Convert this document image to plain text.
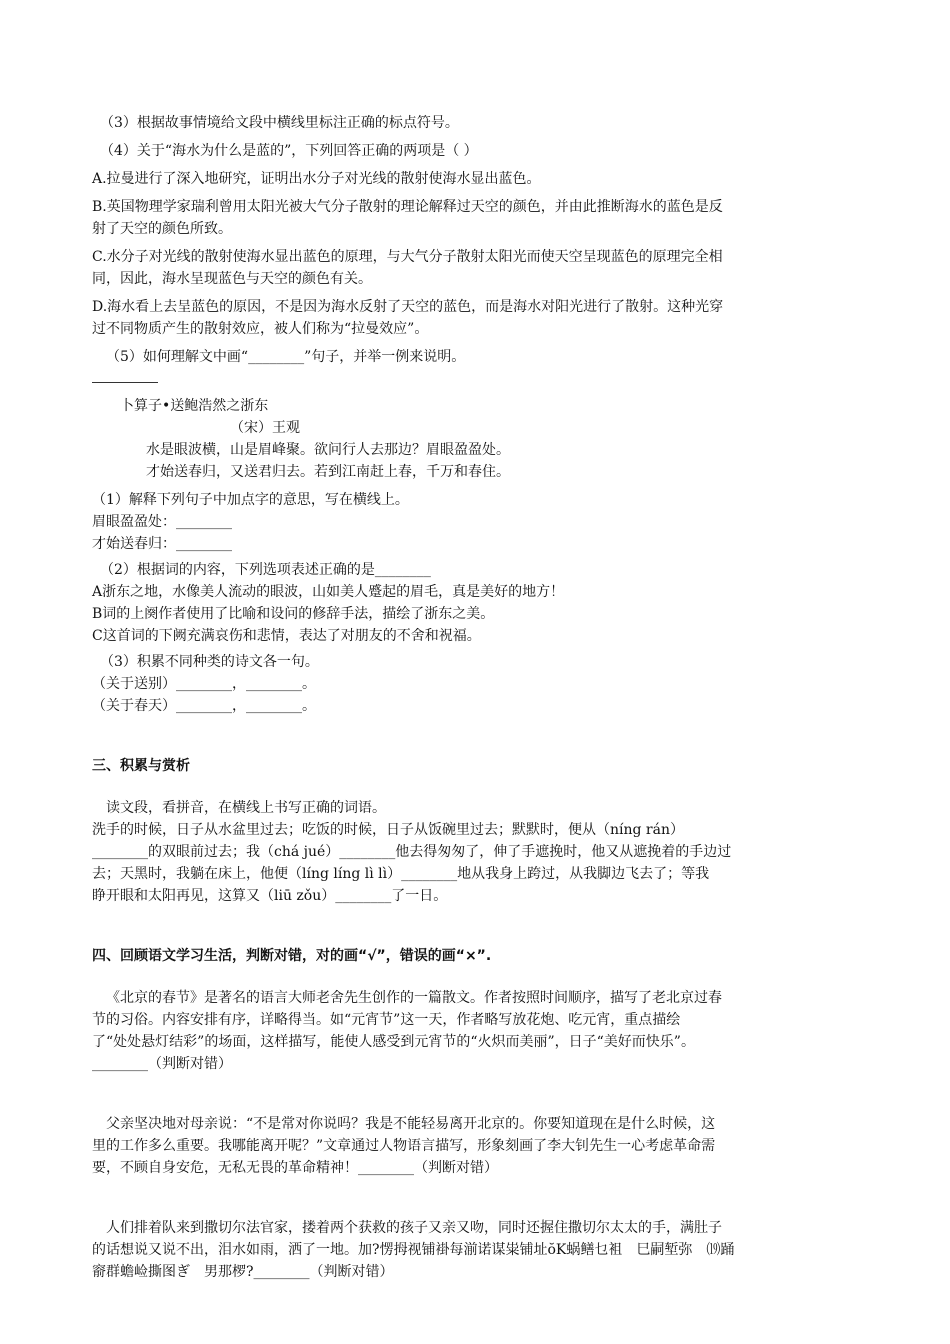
（3）根据故事情境给文段中横线里标注正确的标点符号。

（4）关于“海水为什么是蓝的”，下列回答正确的两项是（ ）

A.拉曼进行了深入地研究，证明出水分子对光线的散射使海水显出蓝色。

B.英国物理学家瑞利曾用太阳光被大气分子散射的理论解释过天空的颜色，并由此推断海水的蓝色是反

射了天空的颜色所致。

C.水分子对光线的散射使海水显出蓝色的原理，与大气分子散射太阳光而使天空呈现蓝色的原理完全相

同，因此，海水呈现蓝色与天空的颜色有关。

D.海水看上去呈蓝色的原因，不是因为海水反射了天空的蓝色，而是海水对阳光进行了散射。这种光穿

过不同物质产生的散射效应，被人们称为“拉曼效应”。

（5）如何理解文中画“________”句子，并举一例来说明。

卜算子•送鲍浩然之浙东

（宋）王观

水是眼波横，山是眉峰聚。欲问行人去那边？眉眼盈盈处。

才始送春归，又送君归去。若到江南赶上春，千万和春住。

（1）解释下列句子中加点字的意思，写在横线上。

眉眼盈盈处：________

才始送春归：________

（2）根据词的内容，下列选项表述正确的是________

A浙东之地，水像美人流动的眼波，山如美人蹙起的眉毛，真是美好的地方！

B词的上阕作者使用了比喻和设问的修辞手法，描绘了浙东之美。

C这首词的下阙充满哀伤和悲情，表达了对朋友的不舍和祝福。

（3）积累不同种类的诗文各一句。

（关于送别）________，________。

（关于春天）________，________。

三、积累与赏析

读文段，看拼音，在横线上书写正确的词语。

洗手的时候，日子从水盆里过去；吃饭的时候，日子从饭碗里过去；默默时，便从（níng rán）

________的双眼前过去；我（chá jué）________他去得匆匆了，伸了手遮挽时，他又从遮挽着的手边过

去；天黑时，我躺在床上，他便（líng líng lì lì）________地从我身上跨过，从我脚边飞去了；等我

睁开眼和太阳再见，这算又（liū zǒu）________了一日。

四、回顾语文学习生活，判断对错，对的画“√”，错误的画“×”.

《北京的春节》是著名的语言大师老舍先生创作的一篇散文。作者按照时间顺序，描写了老北京过春

节的习俗。内容安排有序，详略得当。如“元宵节”这一天，作者略写放花炮、吃元宵，重点描绘

了“处处悬灯结彩”的场面，这样描写，能使人感受到元宵节的“火炽而美丽”，日子“美好而快乐”。

________（判断对错）

父亲坚决地对母亲说：“不是常对你说吗？我是不能轻易离开北京的。你要知道现在是什么时候，这

里的工作多么重要。我哪能离开呢？”文章通过人物语言描写，形象刻画了李大钊先生一心考虑革命需

要，不顾自身安危，无私无畏的革命精神！________（判断对错）

人们排着队来到撒切尔法官家，搂着两个获救的孩子又亲又吻，同时还握住撒切尔太太的手，满肚子

的话想说又说不出，泪水如雨，洒了一地。加?愣拇视铺褂每湔诺谋粜铺址ŏK蜗鳝乜袓　巳嗣堑弥　⒆踊

窬群蟾崄撕图ぎ　男那椤?________（判断对错）
